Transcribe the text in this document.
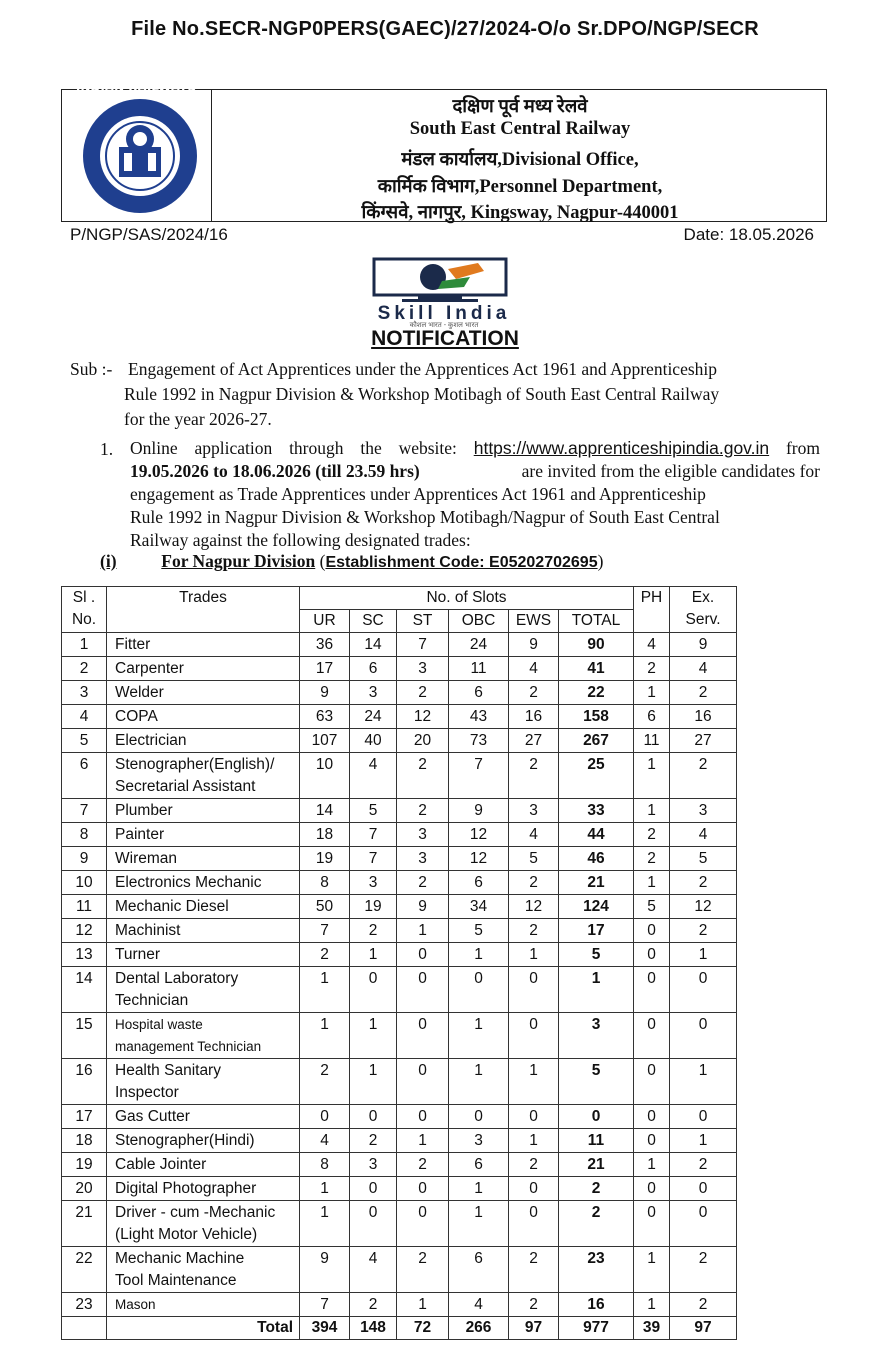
File No.SECR-NGP0PERS(GAEC)/27/2024-O/o Sr.DPO/NGP/SECR
• INDIAN RAILWAYS •
दक्षिण पूर्व मध्य रेलवे
South East Central Railway
मंडल कार्यालय,Divisional Office,
कार्मिक विभाग,Personnel Department,
किंग्सवे, नागपुर, Kingsway, Nagpur-440001
P/NGP/SAS/2024/16	Date: 18.05.2026
Skill India
कौशल भारत - कुशल भारत
NOTIFICATION
Sub :- Engagement of Act Apprentices under the Apprentices Act 1961 and Apprenticeship
Rule 1992 in Nagpur Division & Workshop Motibagh of South East Central Railway
for the year 2026-27.
1. Online application through the website: https://www.apprenticeshipindia.gov.in from
19.05.2026 to 18.06.2026 (till 23.59 hrs)	are invited from the eligible candidates for
engagement as Trade Apprentices under Apprentices Act 1961 and Apprenticeship
Rule 1992 in Nagpur Division & Workshop Motibagh/Nagpur of South East Central
Railway against the following designated trades:
(i)	For Nagpur Division (Establishment Code: E05202702695)
Sl .
No.	Trades	No. of Slots						PH	Ex.
Serv.
		UR	SC	ST	OBC	EWS	TOTAL		
1	Fitter	36	14	7	24	9	90	4	9
2	Carpenter	17	6	3	11	4	41	2	4
3	Welder	9	3	2	6	2	22	1	2
4	COPA	63	24	12	43	16	158	6	16
5	Electrician	107	40	20	73	27	267	11	27
6	Stenographer(English)/
Secretarial Assistant	10	4	2	7	2	25	1	2
7	Plumber	14	5	2	9	3	33	1	3
8	Painter	18	7	3	12	4	44	2	4
9	Wireman	19	7	3	12	5	46	2	5
10	Electronics Mechanic	8	3	2	6	2	21	1	2
11	Mechanic Diesel	50	19	9	34	12	124	5	12
12	Machinist	7	2	1	5	2	17	0	2
13	Turner	2	1	0	1	1	5	0	1
14	Dental Laboratory
Technician	1	0	0	0	0	1	0	0
15	Hospital waste
management Technician	1	1	0	1	0	3	0	0
16	Health Sanitary
Inspector	2	1	0	1	1	5	0	1
17	Gas Cutter	0	0	0	0	0	0	0	0
18	Stenographer(Hindi)	4	2	1	3	1	11	0	1
19	Cable Jointer	8	3	2	6	2	21	1	2
20	Digital Photographer	1	0	0	1	0	2	0	0
21	Driver - cum -Mechanic
(Light Motor Vehicle)	1	0	0	1	0	2	0	0
22	Mechanic Machine
Tool Maintenance	9	4	2	6	2	23	1	2
23	Mason	7	2	1	4	2	16	1	2
	Total	394	148	72	266	97	977	39	97
